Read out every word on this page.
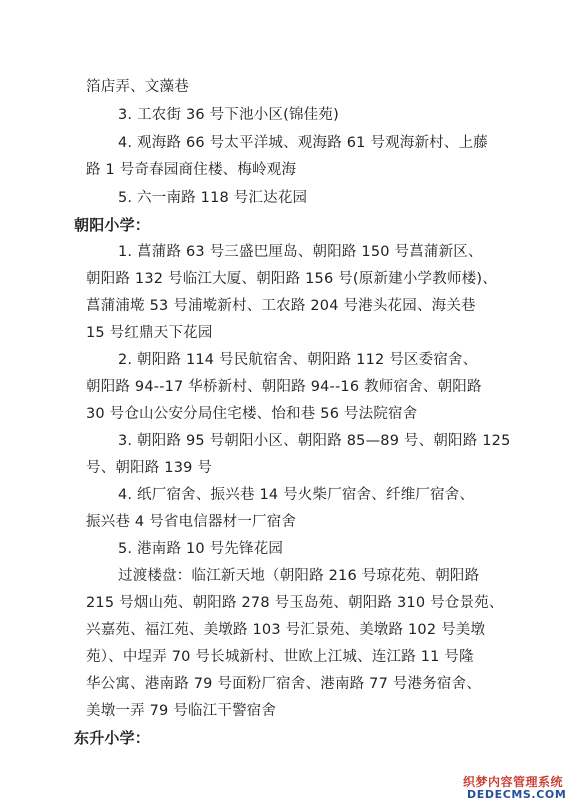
箔店弄、文藻巷
3. 工农街 36 号下池小区(锦佳苑)
4. 观海路 66 号太平洋城、观海路 61 号观海新村、上藤
路 1 号奇春园商住楼、梅岭观海
5. 六一南路 118 号汇达花园
朝阳小学：
1. 菖蒲路 63 号三盛巴厘岛、朝阳路 150 号菖蒲新区、
朝阳路 132 号临江大厦、朝阳路 156 号(原新建小学教师楼)、
菖蒲浦墘 53 号浦墘新村、工农路 204 号港头花园、海关巷
15 号红鼎天下花园
2. 朝阳路 114 号民航宿舍、朝阳路 112 号区委宿舍、
朝阳路 94--17 华桥新村、朝阳路 94--16 教师宿舍、朝阳路
30 号仓山公安分局住宅楼、怡和巷 56 号法院宿舍
3. 朝阳路 95 号朝阳小区、朝阳路 85—89 号、朝阳路 125
号、朝阳路 139 号
4. 纸厂宿舍、振兴巷 14 号火柴厂宿舍、纤维厂宿舍、
振兴巷 4 号省电信器材一厂宿舍
5. 港南路 10 号先锋花园
过渡楼盘：临江新天地（朝阳路 216 号琼花苑、朝阳路
215 号烟山苑、朝阳路 278 号玉岛苑、朝阳路 310 号仓景苑、
兴嘉苑、福江苑、美墩路 103 号汇景苑、美墩路 102 号美墩
苑）、中埕弄 70 号长城新村、世欧上江城、连江路 11 号隆
华公寓、港南路 79 号面粉厂宿舍、港南路 77 号港务宿舍、
美墩一弄 79 号临江干警宿舍
东升小学：
织梦内容管理系统
DEDECMS.COM
